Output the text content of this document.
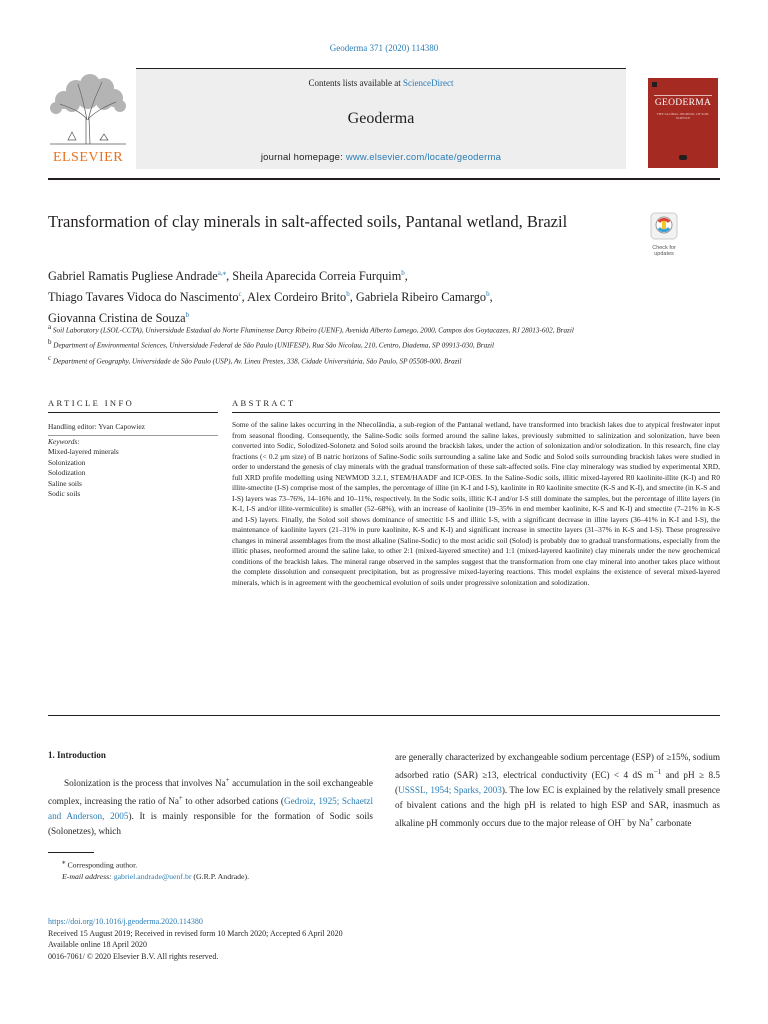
Geoderma 371 (2020) 114380
ELSEVIER
Contents lists available at ScienceDirect
Geoderma
journal homepage: www.elsevier.com/locate/geoderma
GEODERMA
THE GLOBAL JOURNAL OF SOIL SCIENCE
Transformation of clay minerals in salt-affected soils, Pantanal wetland, Brazil
Check for updates
Gabriel Ramatis Pugliese Andrade$^{a,⁎}$, Sheila Aparecida Correia Furquim$^b$,
Thiago Tavares Vidoca do Nascimento$^c$, Alex Cordeiro Brito$^b$, Gabriela Ribeiro Camargo$^b$,
Giovanna Cristina de Souza$^b$

$^a$ Soil Laboratory (LSOL-CCTA), Universidade Estadual do Norte Fluminense Darcy Ribeiro (UENF), Avenida Alberto Lamego, 2000, Campos dos Goytacazes, RJ 28013-602, Brazil

$^b$ Department of Environmental Sciences, Universidade Federal de São Paulo (UNIFESP), Rua São Nicolau, 210, Centro, Diadema, SP 09913-030, Brazil

$^c$ Department of Geography, Universidade de São Paulo (USP), Av. Lineu Prestes, 338, Cidade Universitária, São Paulo, SP 05508-000, Brazil

ARTICLE INFO	ABSTRACT
Handling editor: Yvan Capowiez
Keywords:
Mixed-layered minerals
Solonization
Solodization
Saline soils
Sodic soils

Some of the saline lakes occurring in the Nhecolândia, a sub-region of the Pantanal wetland, have transformed into brackish lakes due to atypical freshwater input from seasonal flooding. Consequently, the Saline-Sodic soils formed around the saline lakes, previously submitted to salinization and solonization, have been converted into Sodic, Solodized-Solonetz and Solod soils around the brackish lakes, under the action of solonization and/or solodization. In this research, fine clay fractions (< 0.2 μm size) of B natric horizons of Saline-Sodic soils surrounding a saline lake and Sodic and Solod soils surrounding brackish lakes were studied in order to understand the genesis of clay minerals with the gradual transformation of these salt-affected soils. Fine clay mineralogy was studied by experimental XRD, full XRD profile modelling using NEWMOD 3.2.1, STEM/HAADF and ICP-OES. In the Saline-Sodic soils, illitic mixed-layered R0 kaolinite-illite (K-I) and R0 illite-smectite (I-S) comprise most of the samples, the percentage of illite (in K-I and I-S), kaolinite in R0 kaolinite smectite (K-S and K-I), and smectite (in K-S and I-S) layers was 73–76%, 14–16% and 10–11%, respectively. In the Sodic soils, illitic K-I and/or I-S still dominate the samples, but the percentage of illite layers (in K-I, I-S and/or illite-vermiculite) is smaller (52–68%), with an increase of kaolinite (19–35% in end member kaolinite, K-S and K-I) and smectite (7–21% in K-S and I-S) layers. Finally, the Solod soil shows dominance of smectitic I-S and illitic I-S, with a significant decrease in illite layers (36–41% in K-I and I-S), the maintenance of kaolinite layers (21–31% in pure kaolinite, K-S and K-I) and significant increase in smectite layers (31–37% in K-S and I-S). These progressive changes in mineral assemblages from the most alkaline (Saline-Sodic) to the most acidic soil (Solod) is probably due to gradual transformations, especially from the illitic phases, neoformed around the saline lake, to other 2:1 (mixed-layered smectite) and 1:1 (mixed-layered kaolinite) clay minerals under the new geochemical conditions of the brackish lakes. The mineral range observed in the samples suggest that the transformation from one clay mineral into another takes place without the complete dissolution and consequent precipitation, but as progressive mixed-layering reactions. This model explains the existence of several mixed-layered minerals, which is in agreement with the geochemical evolution of soils under progressive solonization and solodization.

1. Introduction

Solonization is the process that involves Na+ accumulation in the soil exchangeable complex, increasing the ratio of Na+ to other adsorbed cations (Gedroiz, 1925; Schaetzl and Anderson, 2005). It is mainly responsible for the formation of Sodic soils (Solonetzes), which

are generally characterized by exchangeable sodium percentage (ESP) of ≥15%, sodium adsorbed ratio (SAR) ≥13, electrical conductivity (EC) < 4 dS $m^{-1}$ and pH ≥ 8.5 (USSSL, 1954; Sparks, 2003). The low EC is explained by the relatively small presence of bivalent cations and the high pH is related to high ESP and SAR, inasmuch as alkaline pH commonly occurs due to the major release of OH− by Na+ carbonate

⁎ Corresponding author.
E-mail address: gabriel.andrade@uenf.br (G.R.P. Andrade).
https://doi.org/10.1016/j.geoderma.2020.114380
Received 15 August 2019; Received in revised form 10 March 2020; Accepted 6 April 2020
Available online 18 April 2020
0016-7061/ © 2020 Elsevier B.V. All rights reserved.
